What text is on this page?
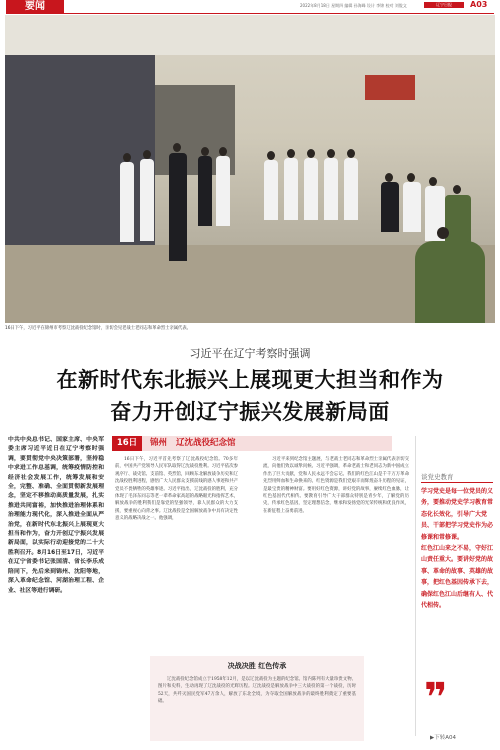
要闻	2022年8月18日 星期四 编辑 孙海峰 设计 李锦 校对 刘俊文	辽宁日报	A03
16日下午，习近平在锦州市考察辽沈战役纪念馆时，亲切会见老战士老同志和革命烈士亲属代表。
习近平在辽宁考察时强调
在新时代东北振兴上展现更大担当和作为
奋力开创辽宁振兴发展新局面
中共中央总书记、国家主席、中央军委主席习近平近日在辽宁考察时强调，要贯彻党中央决策部署，坚持稳中求进工作总基调，统筹疫情防控和经济社会发展工作，统筹发展和安全，完整、准确、全面贯彻新发展理念，坚定不移推动高质量发展，扎实推进共同富裕，加快推进治理体系和治理能力现代化，深入推进全面从严治党，在新时代东北振兴上展现更大担当和作为，奋力开创辽宁振兴发展新局面，以实际行动迎接党的二十大胜利召开。8月16日至17日，习近平在辽宁省委书记张国清、省长李乐成陪同下，先后来到锦州、沈阳等地，深入革命纪念馆、河湖治理工程、企业、社区等进行调研。
16日	锦州 辽沈战役纪念馆
16日下午，习近平首先考察了辽沈战役纪念馆。70多年前，中国共产党领导人民军队取得辽沈战役胜利。习近平依次参观序厅、战史馆、支前馆、英烈馆，回顾东北解放战争历史和辽沈战役胜利进程，感悟广大人民群众支援前线的感人事迹和共产党员不畏牺牲的英雄事迹。习近平指出，辽沈战役的胜利，充分体现了毛泽东同志等老一辈革命家高超的战略眼光和指挥艺术，解放战争的胜利我们是靠党的坚强领导，靠人民群众的大力支援，要重视心向背之事。辽沈战役是全国解放战争中具有决定性意义的战略决战之一。他强调，
习近平来到纪念馆主题展，与老战士老同志和革命烈士亲属代表亲切交流，向他们致以诚挚问候。习近平强调，革命老战士和老同志为新中国成立作出了巨大贡献，党和人民永远不会忘记。我们的红色江山是千千万万革命先烈用鲜血和生命换来的。红色资源是我们党艰辛而辉煌奋斗历程的见证，是最宝贵的精神财富。要用好红色资源，讲好党的故事，赓续红色血脉，让红色基因代代相传。要教育引导广大干部群众特别是青少年，了解党的历史，传承红色基因，坚定理想信念，继承和发扬党的光荣传统和优良作风，在新征程上奋勇前进。
决战决胜 红色传承
辽沈战役纪念馆成立于1958年12月，是以辽沈战役为主题的纪念馆。馆内陈列有大量珍贵文物、图片和史料，生动再现了辽沈战役的光辉历程。辽沈战役是解放战争中三大战役的第一个战役，历时52天，共歼灭国民党军47万余人，解放了东北全境，为夺取全国解放战争的最终胜利奠定了重要基础。
谈党史教育

学习党史是每一位党员的义务，要推动党史学习教育常态化长效化，引导广大党员、干部把学习党史作为必修课和常修课。

红色江山来之不易，守好江山责任重大。要讲好党的故事、革命的故事、英雄的故事，把红色基因传承下去，确保红色江山后继有人、代代相传。

❞
▶下转A04
